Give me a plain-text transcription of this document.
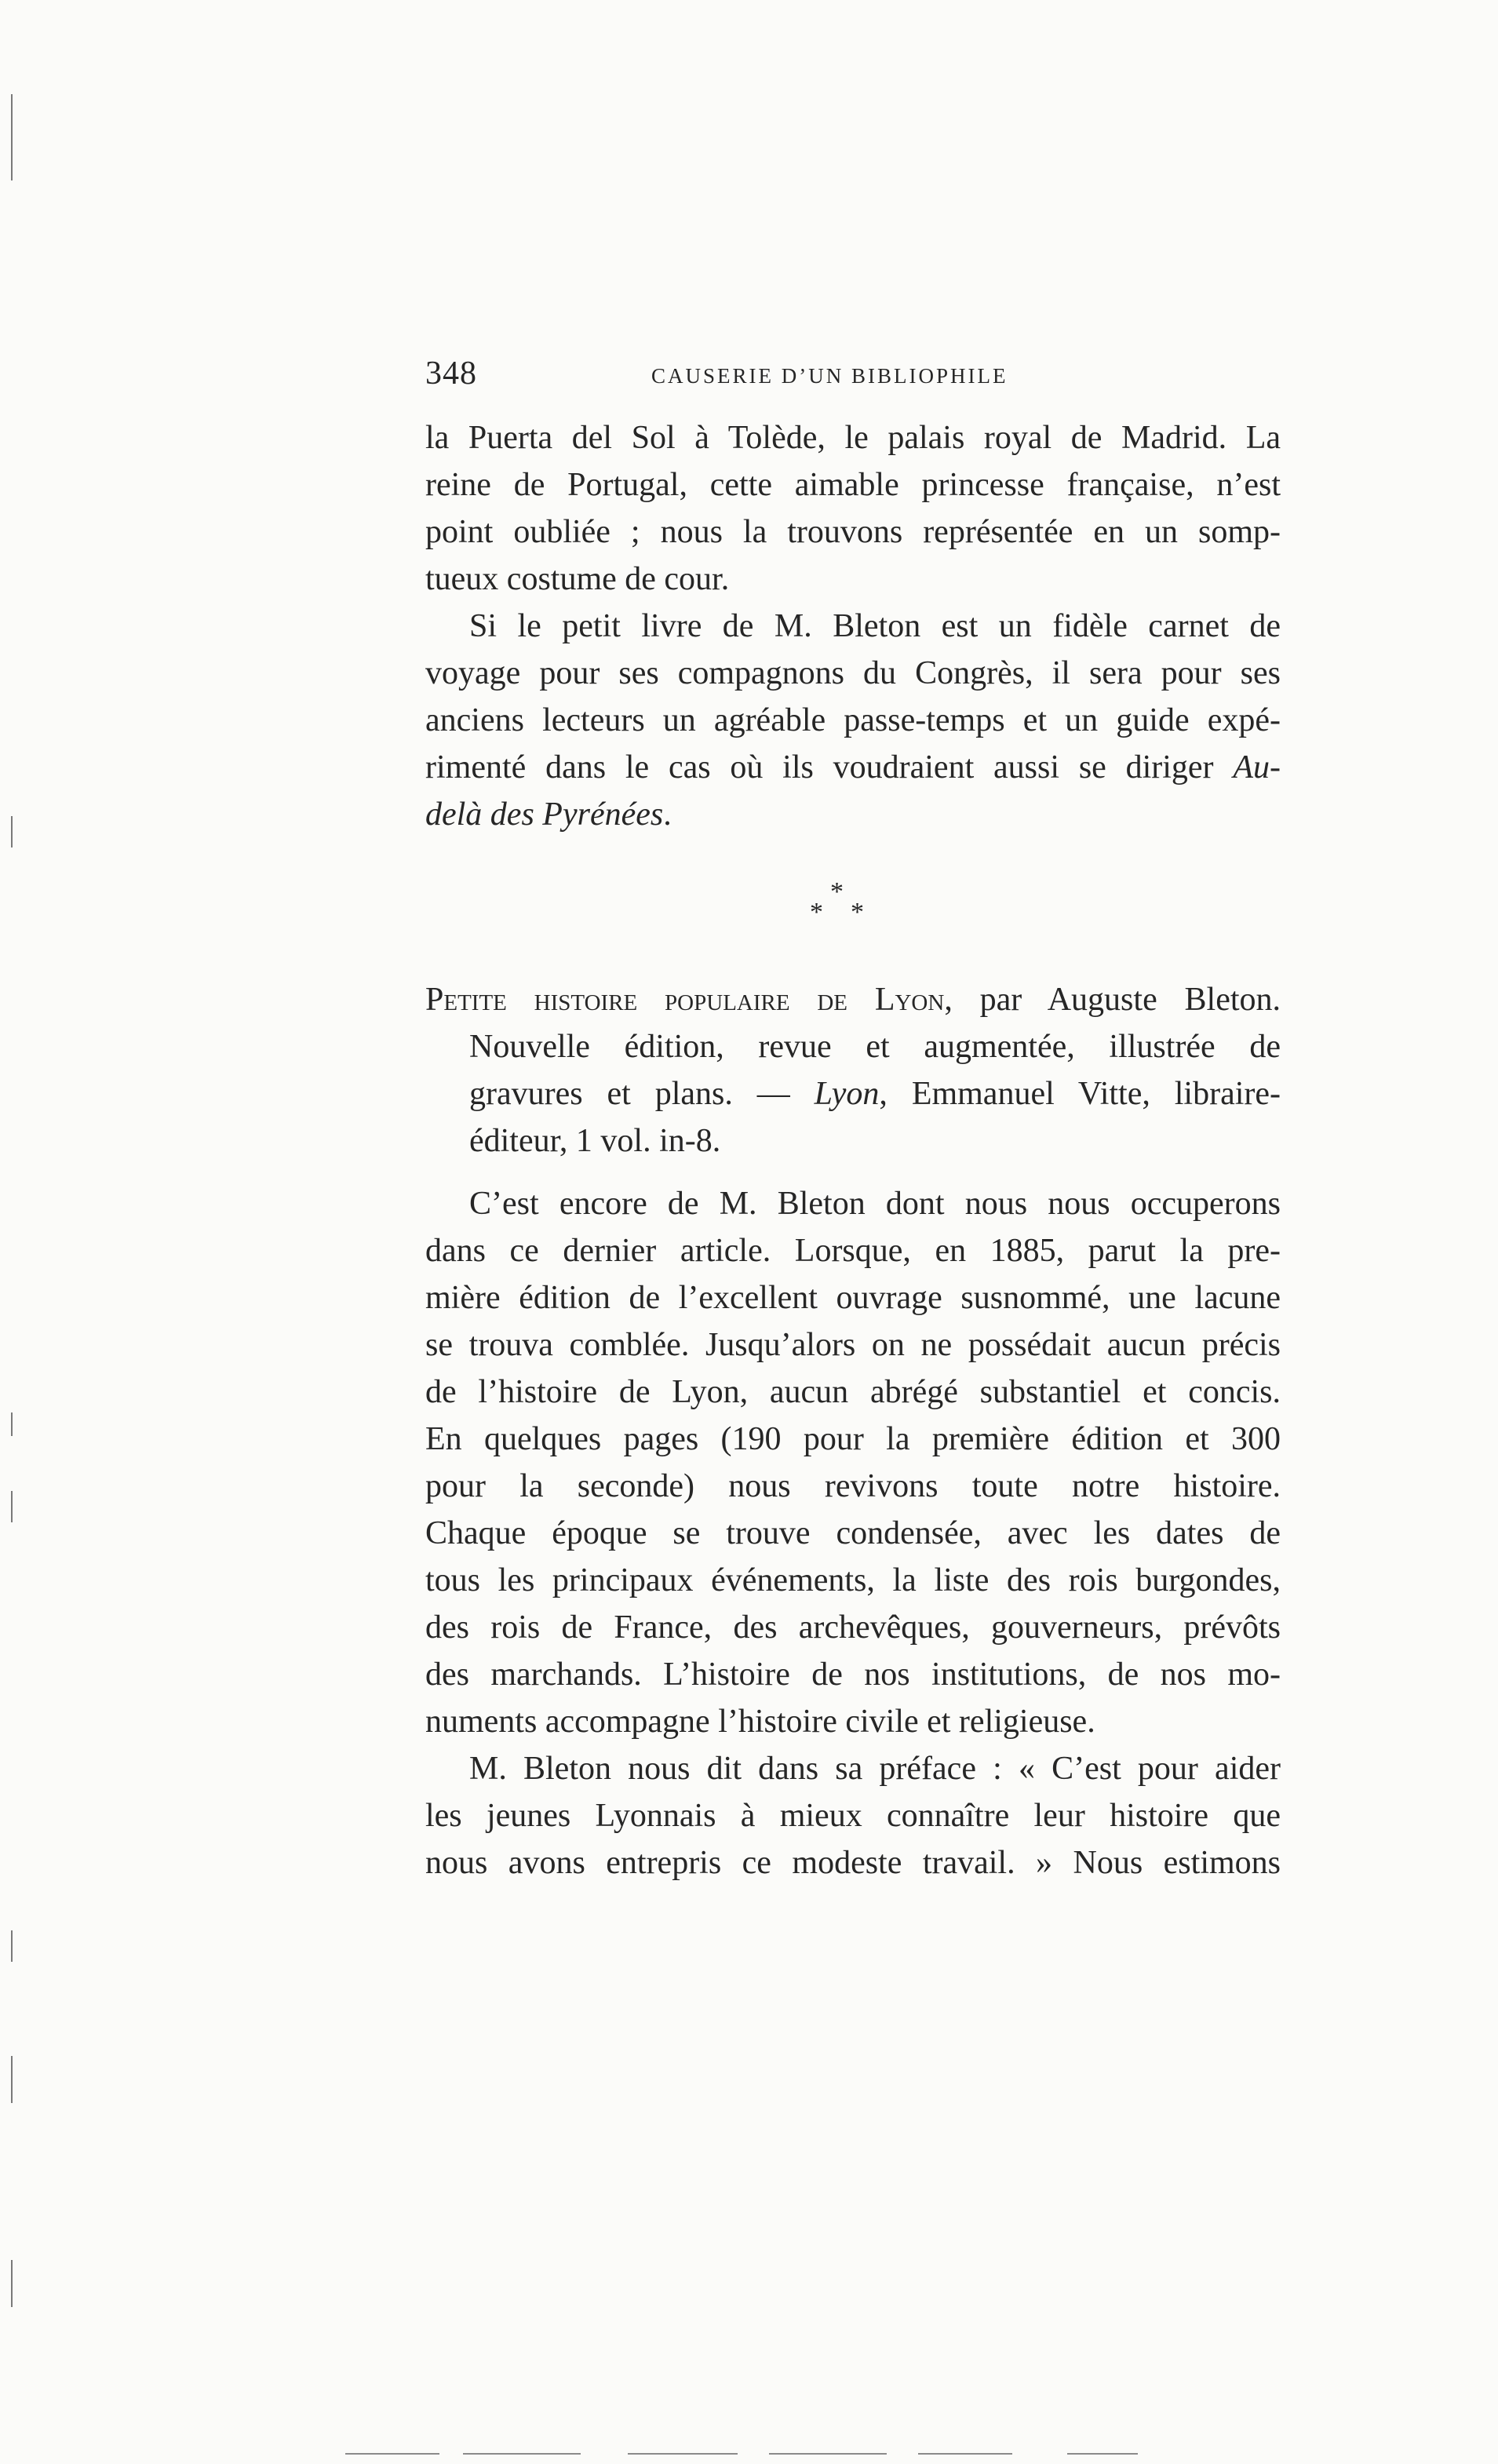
348	CAUSERIE D’UN BIBLIOPHILE
la Puerta del Sol à Tolède, le palais royal de Madrid. La
reine de Portugal, cette aimable princesse française, n’est
point oubliée ; nous la trouvons représentée en un somp-
tueux costume de cour.
Si le petit livre de M. Bleton est un fidèle carnet de
voyage pour ses compagnons du Congrès, il sera pour ses
anciens lecteurs un agréable passe-temps et un guide expé-
rimenté dans le cas où ils voudraient aussi se diriger Au-
delà des Pyrénées.
*
* *
Petite histoire populaire de Lyon, par Auguste Bleton.
Nouvelle édition, revue et augmentée, illustrée de
gravures et plans. — Lyon, Emmanuel Vitte, libraire-
éditeur, 1 vol. in-8.
C’est encore de M. Bleton dont nous nous occuperons
dans ce dernier article. Lorsque, en 1885, parut la pre-
mière édition de l’excellent ouvrage susnommé, une lacune
se trouva comblée. Jusqu’alors on ne possédait aucun précis
de l’histoire de Lyon, aucun abrégé substantiel et concis.
En quelques pages (190 pour la première édition et 300
pour la seconde) nous revivons toute notre histoire.
Chaque époque se trouve condensée, avec les dates de
tous les principaux événements, la liste des rois burgondes,
des rois de France, des archevêques, gouverneurs, prévôts
des marchands. L’histoire de nos institutions, de nos mo-
numents accompagne l’histoire civile et religieuse.
M. Bleton nous dit dans sa préface : « C’est pour aider
les jeunes Lyonnais à mieux connaître leur histoire que
nous avons entrepris ce modeste travail. » Nous estimons
